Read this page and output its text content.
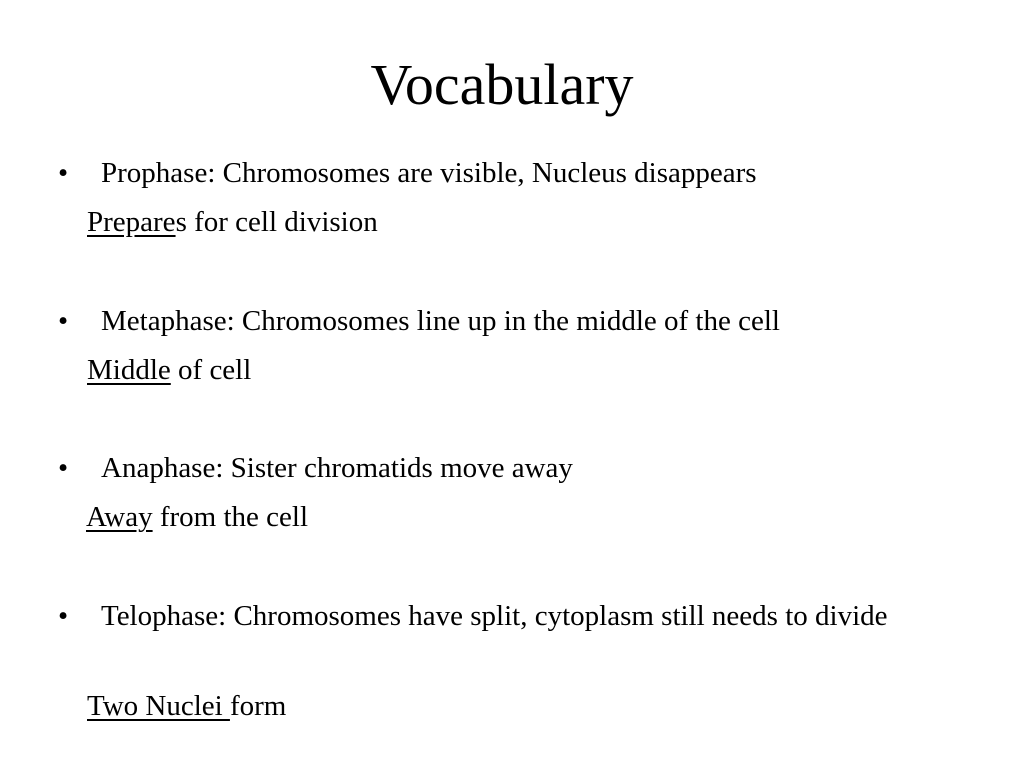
Vocabulary
• Prophase: Chromosomes are visible, Nucleus disappears
Prepares for cell division
• Metaphase: Chromosomes line up in the middle of the cell
Middle of cell
• Anaphase: Sister chromatids move away
Away from the cell
• Telophase: Chromosomes have split, cytoplasm still needs to divide
Two Nuclei form
